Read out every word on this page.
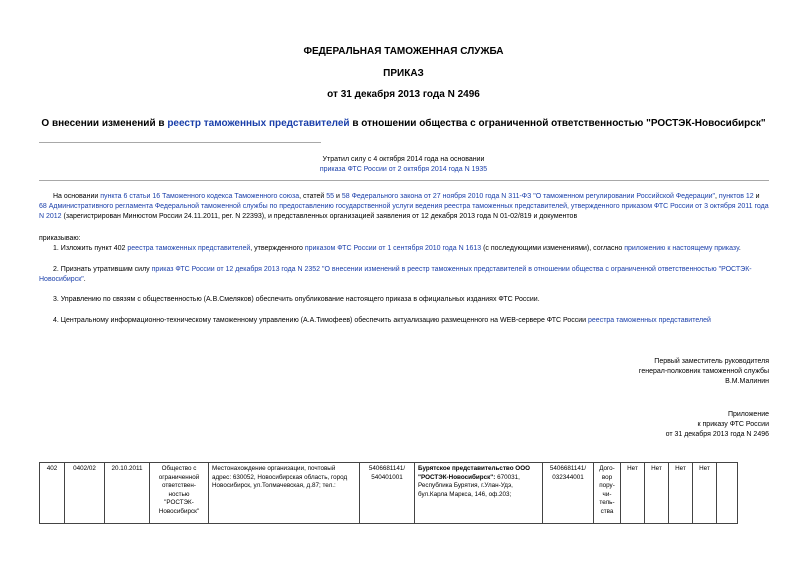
ФЕДЕРАЛЬНАЯ ТАМОЖЕННАЯ СЛУЖБА
ПРИКАЗ
от 31 декабря 2013 года N 2496
О внесении изменений в реестр таможенных представителей в отношении общества с ограниченной ответственностью "РОСТЭК-Новосибирск"
Утратил силу с 4 октября 2014 года на основании
приказа ФТС России от 2 октября 2014 года N 1935
На основании пункта 6 статьи 16 Таможенного кодекса Таможенного союза, статей 55 и 58 Федерального закона от 27 ноября 2010 года N 311-ФЗ "О таможенном регулировании Российской Федерации", пунктов 12 и 68 Административного регламента Федеральной таможенной службы по предоставлению государственной услуги ведения реестра таможенных представителей, утвержденного приказом ФТС России от 3 октября 2011 года N 2012 (зарегистрирован Минюстом России 24.11.2011, рег. N 22393), и представленных организацией заявления от 12 декабря 2013 года N 01-02/819 и документов
приказываю:
1. Изложить пункт 402 реестра таможенных представителей, утвержденного приказом ФТС России от 1 сентября 2010 года N 1613 (с последующими изменениями), согласно приложению к настоящему приказу.
2. Признать утратившим силу приказ ФТС России от 12 декабря 2013 года N 2352 "О внесении изменений в реестр таможенных представителей в отношении общества с ограниченной ответственностью "РОСТЭК-Новосибирск".
3. Управлению по связям с общественностью (А.В.Смеляков) обеспечить опубликование настоящего приказа в официальных изданиях ФТС России.
4. Центральному информационно-техническому таможенному управлению (А.А.Тимофеев) обеспечить актуализацию размещенного на WEB-сервере ФТС России реестра таможенных представителей
Первый заместитель руководителя
генерал-полковник таможенной службы
В.М.Малинин
Приложение
к приказу ФТС России
от 31 декабря 2013 года N 2496
402	0402/02	20.10.2011	Общество с ограниченной ответствен-ностью "РОСТЭК-Новосибирск"	Местонахождение организации, почтовый адрес: 630052, Новосибирская область, город Новосибирск, ул.Толмачевская, д.87; тел.:	5406681141/ 540401001	Бурятское представительство ООО "РОСТЭК-Новосибирск": 670031, Республика Бурятия, г.Улан-Удэ, бул.Карла Маркса, 146, оф.203;	5406681141/ 032344001	Дого-вор пору-чи-тель-ства	Нет	Нет	Нет	Нет	
